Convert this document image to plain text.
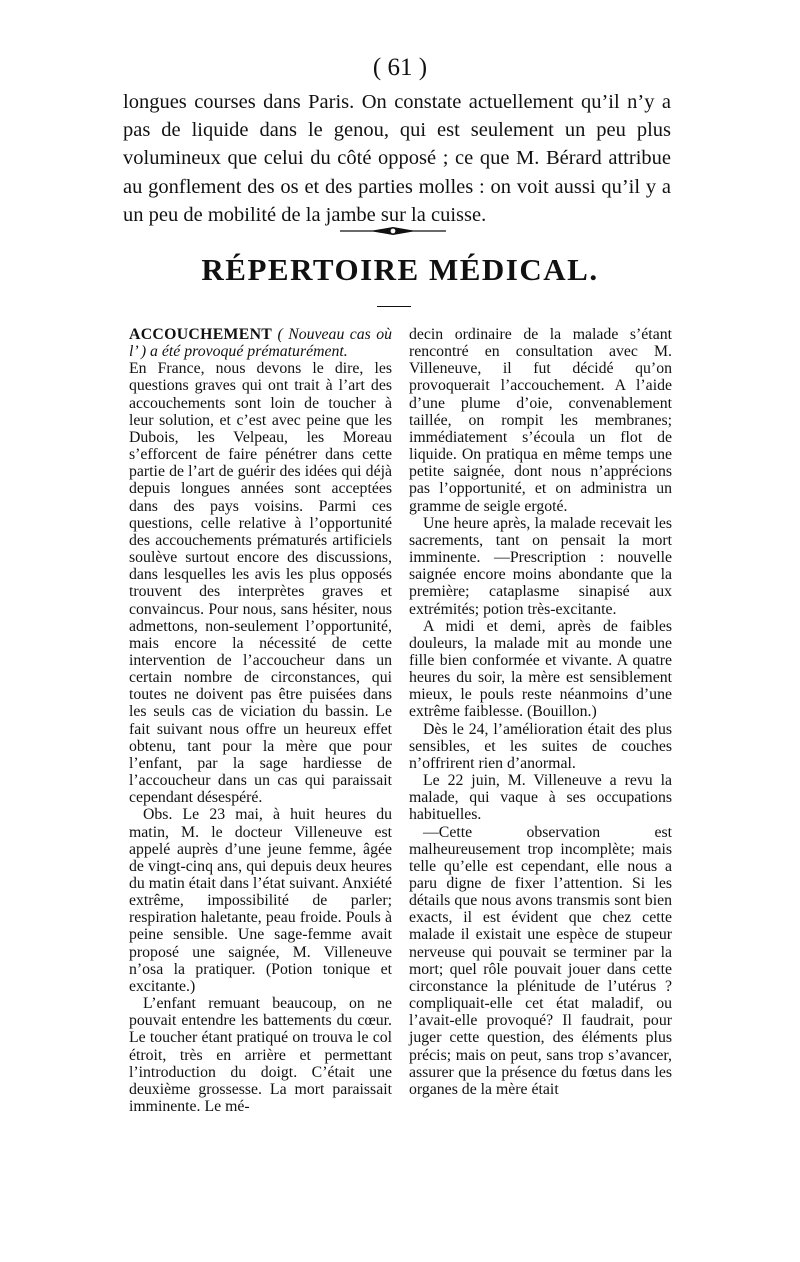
( 61 )

longues courses dans Paris. On constate actuellement qu’il n’y a pas de liquide dans le genou, qui est seulement un peu plus volumineux que celui du côté opposé ; ce que M. Bérard attribue au gonflement des os et des parties molles : on voit aussi qu’il y a un peu de mobilité de la jambe sur la cuisse.

RÉPERTOIRE MÉDICAL.

ACCOUCHEMENT ( Nouveau cas où l’ ) a été provoqué prématurément.

En France, nous devons le dire, les questions graves qui ont trait à l’art des accouchements sont loin de toucher à leur solution, et c’est avec peine que les Dubois, les Velpeau, les Moreau s’efforcent de faire pénétrer dans cette partie de l’art de guérir des idées qui déjà depuis longues années sont acceptées dans des pays voisins. Parmi ces questions, celle relative à l’opportunité des accouchements prématurés artificiels soulève surtout encore des discussions, dans lesquelles les avis les plus opposés trouvent des interprètes graves et convaincus. Pour nous, sans hésiter, nous admettons, non-seulement l’opportunité, mais encore la nécessité de cette intervention de l’accoucheur dans un certain nombre de circonstances, qui toutes ne doivent pas être puisées dans les seuls cas de viciation du bassin. Le fait suivant nous offre un heureux effet obtenu, tant pour la mère que pour l’enfant, par la sage hardiesse de l’accoucheur dans un cas qui paraissait cependant désespéré.

Obs. Le 23 mai, à huit heures du matin, M. le docteur Villeneuve est appelé auprès d’une jeune femme, âgée de vingt-cinq ans, qui depuis deux heures du matin était dans l’état suivant. Anxiété extrême, impossibilité de parler; respiration haletante, peau froide. Pouls à peine sensible. Une sage-femme avait proposé une saignée, M. Villeneuve n’osa la pratiquer. (Potion tonique et excitante.)

L’enfant remuant beaucoup, on ne pouvait entendre les battements du cœur. Le toucher étant pratiqué on trouva le col étroit, très en arrière et permettant l’introduction du doigt. C’était une deuxième grossesse. La mort paraissait imminente. Le mé-

decin ordinaire de la malade s’étant rencontré en consultation avec M. Villeneuve, il fut décidé qu’on provoquerait l’accouchement. A l’aide d’une plume d’oie, convenablement taillée, on rompit les membranes; immédiatement s’écoula un flot de liquide. On pratiqua en même temps une petite saignée, dont nous n’apprécions pas l’opportunité, et on administra un gramme de seigle ergoté.

Une heure après, la malade recevait les sacrements, tant on pensait la mort imminente. —Prescription : nouvelle saignée encore moins abondante que la première; cataplasme sinapisé aux extrémités; potion très-excitante.

A midi et demi, après de faibles douleurs, la malade mit au monde une fille bien conformée et vivante. A quatre heures du soir, la mère est sensiblement mieux, le pouls reste néanmoins d’une extrême faiblesse. (Bouillon.)

Dès le 24, l’amélioration était des plus sensibles, et les suites de couches n’offrirent rien d’anormal.

Le 22 juin, M. Villeneuve a revu la malade, qui vaque à ses occupations habituelles.

—Cette observation est malheureusement trop incomplète; mais telle qu’elle est cependant, elle nous a paru digne de fixer l’attention. Si les détails que nous avons transmis sont bien exacts, il est évident que chez cette malade il existait une espèce de stupeur nerveuse qui pouvait se terminer par la mort; quel rôle pouvait jouer dans cette circonstance la plénitude de l’utérus ? compliquait-elle cet état maladif, ou l’avait-elle provoqué? Il faudrait, pour juger cette question, des éléments plus précis; mais on peut, sans trop s’avancer, assurer que la présence du fœtus dans les organes de la mère était
